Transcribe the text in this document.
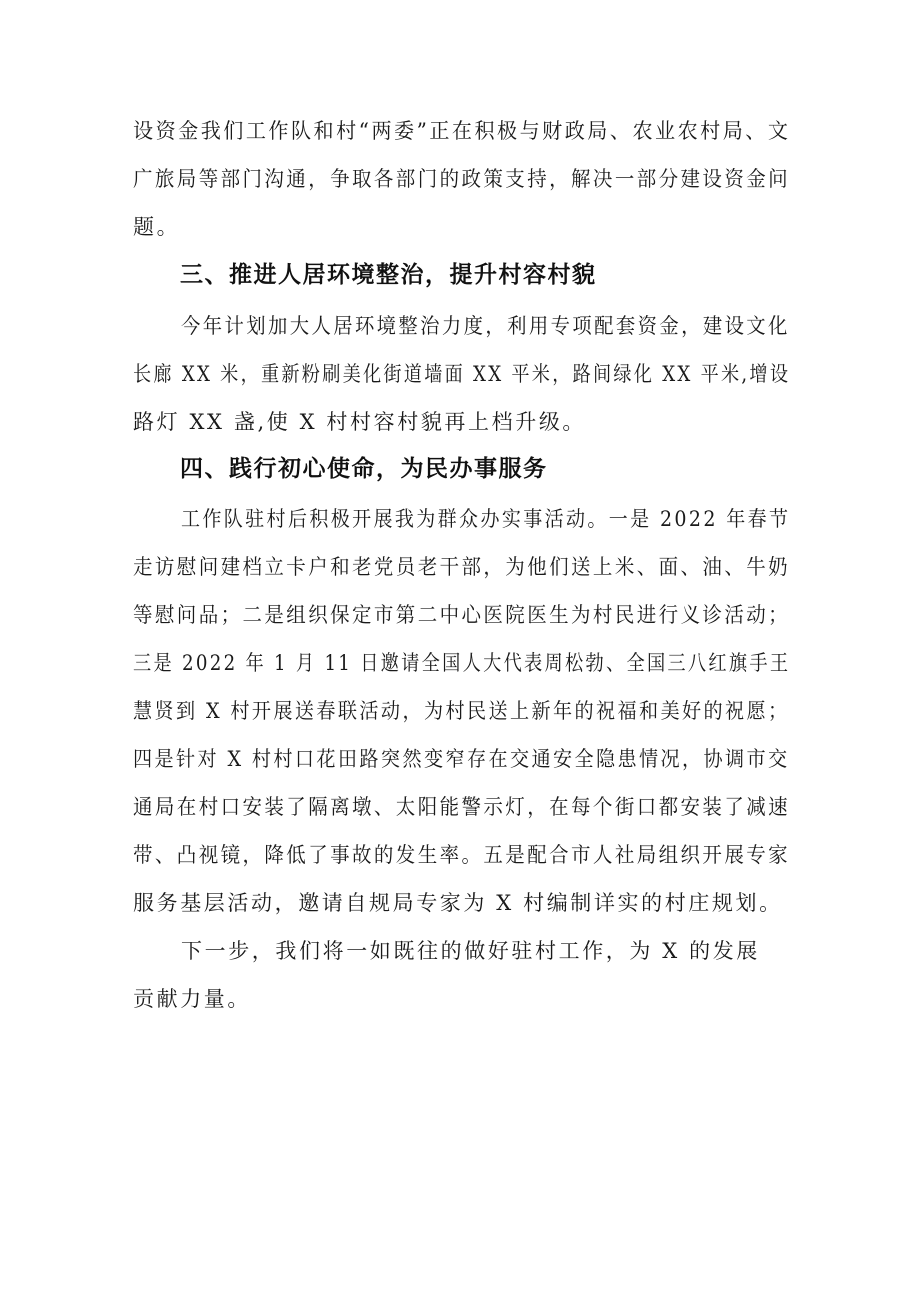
设资金我们工作队和村“两委”正在积极与财政局、农业农村局、文
广旅局等部门沟通，争取各部门的政策支持，解决一部分建设资金问
题。
三、推进人居环境整治，提升村容村貌
今年计划加大人居环境整治力度，利用专项配套资金，建设文化
长廊 XX 米，重新粉刷美化街道墙面 XX 平米，路间绿化 XX 平米,增设
路灯 XX 盏,使 X 村村容村貌再上档升级。
四、践行初心使命，为民办事服务
工作队驻村后积极开展我为群众办实事活动。一是 2022 年春节
走访慰问建档立卡户和老党员老干部，为他们送上米、面、油、牛奶
等慰问品；二是组织保定市第二中心医院医生为村民进行义诊活动；
三是 2022 年 1 月 11 日邀请全国人大代表周松勃、全国三八红旗手王
慧贤到 X 村开展送春联活动，为村民送上新年的祝福和美好的祝愿；
四是针对 X 村村口花田路突然变窄存在交通安全隐患情况，协调市交
通局在村口安装了隔离墩、太阳能警示灯，在每个街口都安装了减速
带、凸视镜，降低了事故的发生率。五是配合市人社局组织开展专家
服务基层活动，邀请自规局专家为 X 村编制详实的村庄规划。
下一步，我们将一如既往的做好驻村工作，为 X 的发展
贡献力量。
